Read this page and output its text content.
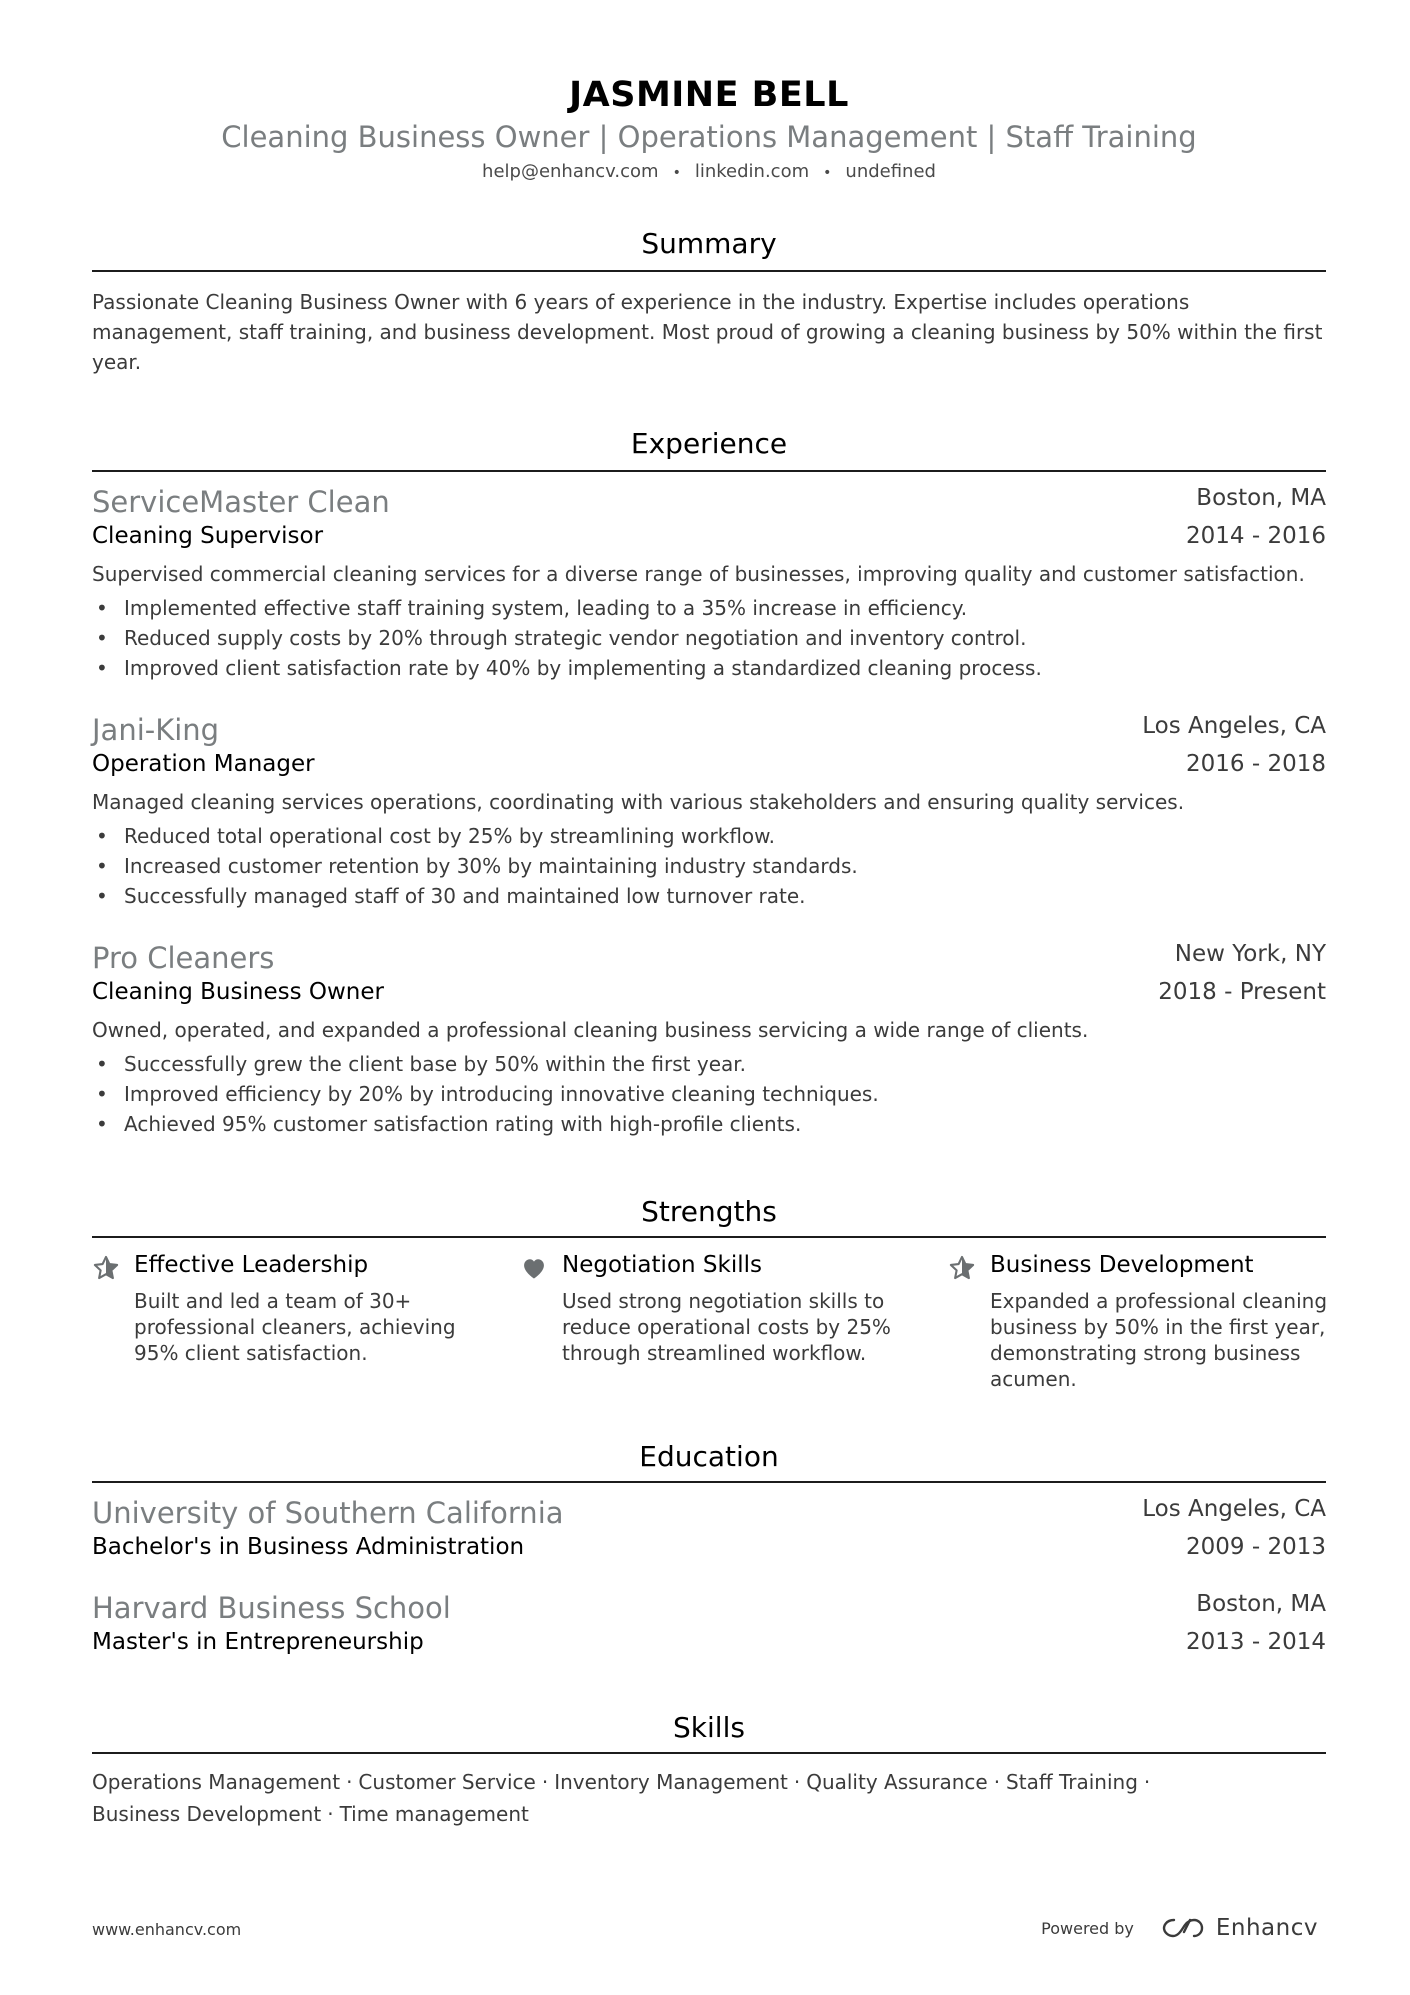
JASMINE BELL
Cleaning Business Owner | Operations Management | Staff Training
help@enhancv.com • linkedin.com • undefined
Summary
Passionate Cleaning Business Owner with 6 years of experience in the industry. Expertise includes operations
management, staff training, and business development. Most proud of growing a cleaning business by 50% within the first
year.
Experience
ServiceMaster Clean	Boston, MA
Cleaning Supervisor	2014 - 2016
Supervised commercial cleaning services for a diverse range of businesses, improving quality and customer satisfaction.
• Implemented effective staff training system, leading to a 35% increase in efficiency.
• Reduced supply costs by 20% through strategic vendor negotiation and inventory control.
• Improved client satisfaction rate by 40% by implementing a standardized cleaning process.
Jani-King	Los Angeles, CA
Operation Manager	2016 - 2018
Managed cleaning services operations, coordinating with various stakeholders and ensuring quality services.
• Reduced total operational cost by 25% by streamlining workflow.
• Increased customer retention by 30% by maintaining industry standards.
• Successfully managed staff of 30 and maintained low turnover rate.
Pro Cleaners	New York, NY
Cleaning Business Owner	2018 - Present
Owned, operated, and expanded a professional cleaning business servicing a wide range of clients.
• Successfully grew the client base by 50% within the first year.
• Improved efficiency by 20% by introducing innovative cleaning techniques.
• Achieved 95% customer satisfaction rating with high-profile clients.
Strengths
Effective Leadership
Built and led a team of 30+ professional cleaners, achieving 95% client satisfaction.
Negotiation Skills
Used strong negotiation skills to reduce operational costs by 25% through streamlined workflow.
Business Development
Expanded a professional cleaning business by 50% in the first year, demonstrating strong business acumen.
Education
University of Southern California	Los Angeles, CA
Bachelor's in Business Administration	2009 - 2013
Harvard Business School	Boston, MA
Master's in Entrepreneurship	2013 - 2014
Skills
Operations Management · Customer Service · Inventory Management · Quality Assurance · Staff Training ·
Business Development · Time management
www.enhancv.com	Powered by	Enhancv
